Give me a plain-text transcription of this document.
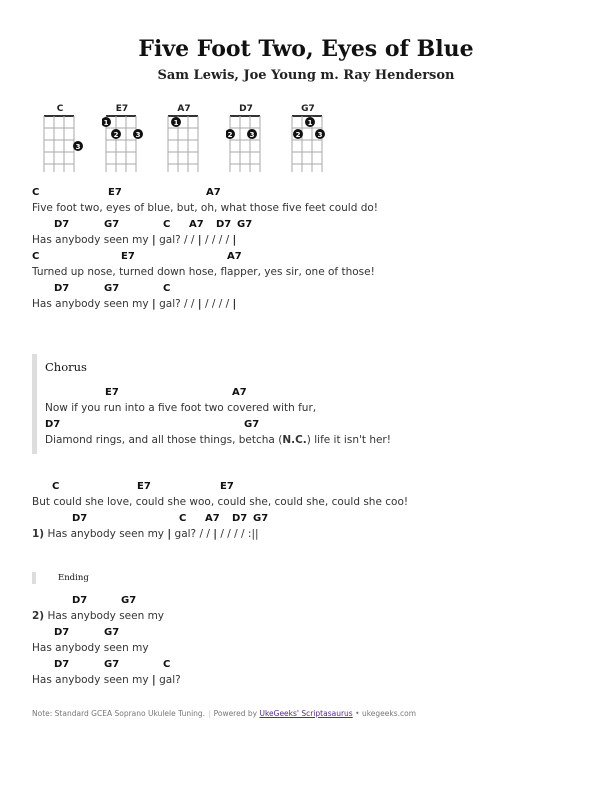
Five Foot Two, Eyes of Blue
Sam Lewis, Joe Young m. Ray Henderson
C
3
E7
1
2 3
A7
1
D7
2 3
G7
1
2 3
C	E7	A7
Five foot two, eyes of blue, but, oh, what those five feet could do!
D7	G7	C A7 D7 G7
Has anybody seen my | gal? / / | / / / / |
C	E7	A7
Turned up nose, turned down hose, flapper, yes sir, one of those!
D7	G7	C
Has anybody seen my | gal? / / | / / / / |
Chorus
E7	A7
Now if you run into a five foot two covered with fur,
D7	G7
Diamond rings, and all those things, betcha (N.C.) life it isn't her!
C	E7	E7
But could she love, could she woo, could she, could she, could she coo!
D7	C A7 D7 G7
1) Has anybody seen my | gal? / / | / / / / :||
Ending
D7	G7
2) Has anybody seen my
D7	G7
Has anybody seen my
D7	G7	C
Has anybody seen my | gal?
Note: Standard GCEA Soprano Ukulele Tuning. | Powered by UkeGeeks' Scriptasaurus • ukegeeks.com
